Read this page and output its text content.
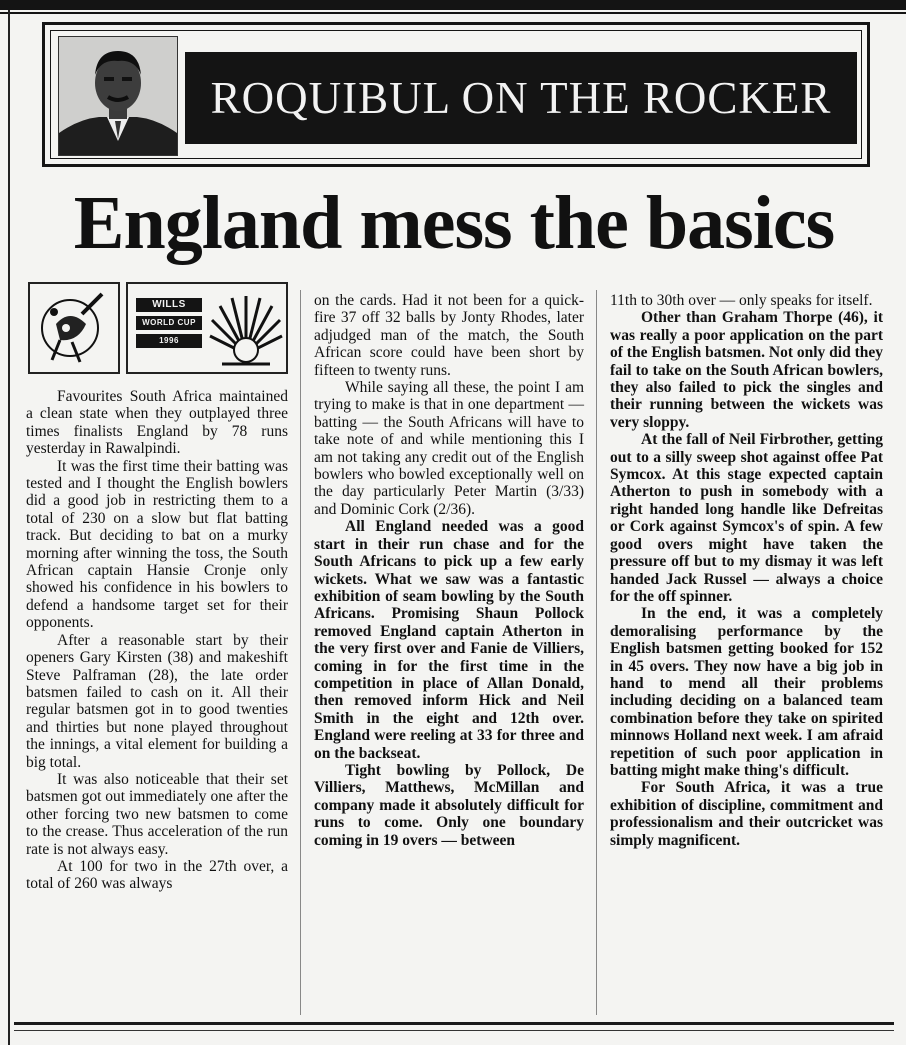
ROQUIBUL ON THE ROCKER
England mess the basics
WILLS
WORLD CUP
1996

Favourites South Africa maintained a clean state when they outplayed three times finalists England by 78 runs yesterday in Rawalpindi.

It was the first time their batting was tested and I thought the English bowlers did a good job in restricting them to a total of 230 on a slow but flat batting track. But deciding to bat on a murky morning after winning the toss, the South African captain Hansie Cronje only showed his confidence in his bowlers to defend a handsome target set for their opponents.

After a reasonable start by their openers Gary Kirsten (38) and makeshift Steve Palframan (28), the late order batsmen failed to cash on it. All their regular batsmen got in to good twenties and thirties but none played throughout the innings, a vital element for building a big total.

It was also noticeable that their set batsmen got out immediately one after the other forcing two new batsmen to come to the crease. Thus acceleration of the run rate is not always easy.

At 100 for two in the 27th over, a total of 260 was always

on the cards. Had it not been for a quick-fire 37 off 32 balls by Jonty Rhodes, later adjudged man of the match, the South African score could have been short by fifteen to twenty runs.

While saying all these, the point I am trying to make is that in one department — batting — the South Africans will have to take note of and while mentioning this I am not taking any credit out of the English bowlers who bowled exceptionally well on the day particularly Peter Martin (3/33) and Dominic Cork (2/36).

All England needed was a good start in their run chase and for the South Africans to pick up a few early wickets. What we saw was a fantastic exhibition of seam bowling by the South Africans. Promising Shaun Pollock removed England captain Atherton in the very first over and Fanie de Villiers, coming in for the first time in the competition in place of Allan Donald, then removed inform Hick and Neil Smith in the eight and 12th over. England were reeling at 33 for three and on the backseat.

Tight bowling by Pollock, De Villiers, Matthews, McMillan and company made it absolutely difficult for runs to come. Only one boundary coming in 19 overs — between

11th to 30th over — only speaks for itself.

Other than Graham Thorpe (46), it was really a poor application on the part of the English batsmen. Not only did they fail to take on the South African bowlers, they also failed to pick the singles and their running between the wickets was very sloppy.

At the fall of Neil Firbrother, getting out to a silly sweep shot against offee Pat Symcox. At this stage expected captain Atherton to push in somebody with a right handed long handle like Defreitas or Cork against Symcox's of spin. A few good overs might have taken the pressure off but to my dismay it was left handed Jack Russel — always a choice for the off spinner.

In the end, it was a completely demoralising performance by the English batsmen getting booked for 152 in 45 overs. They now have a big job in hand to mend all their problems including deciding on a balanced team combination before they take on spirited minnows Holland next week. I am afraid repetition of such poor application in batting might make thing's difficult.

For South Africa, it was a true exhibition of discipline, commitment and professionalism and their outcricket was simply magnificent.
